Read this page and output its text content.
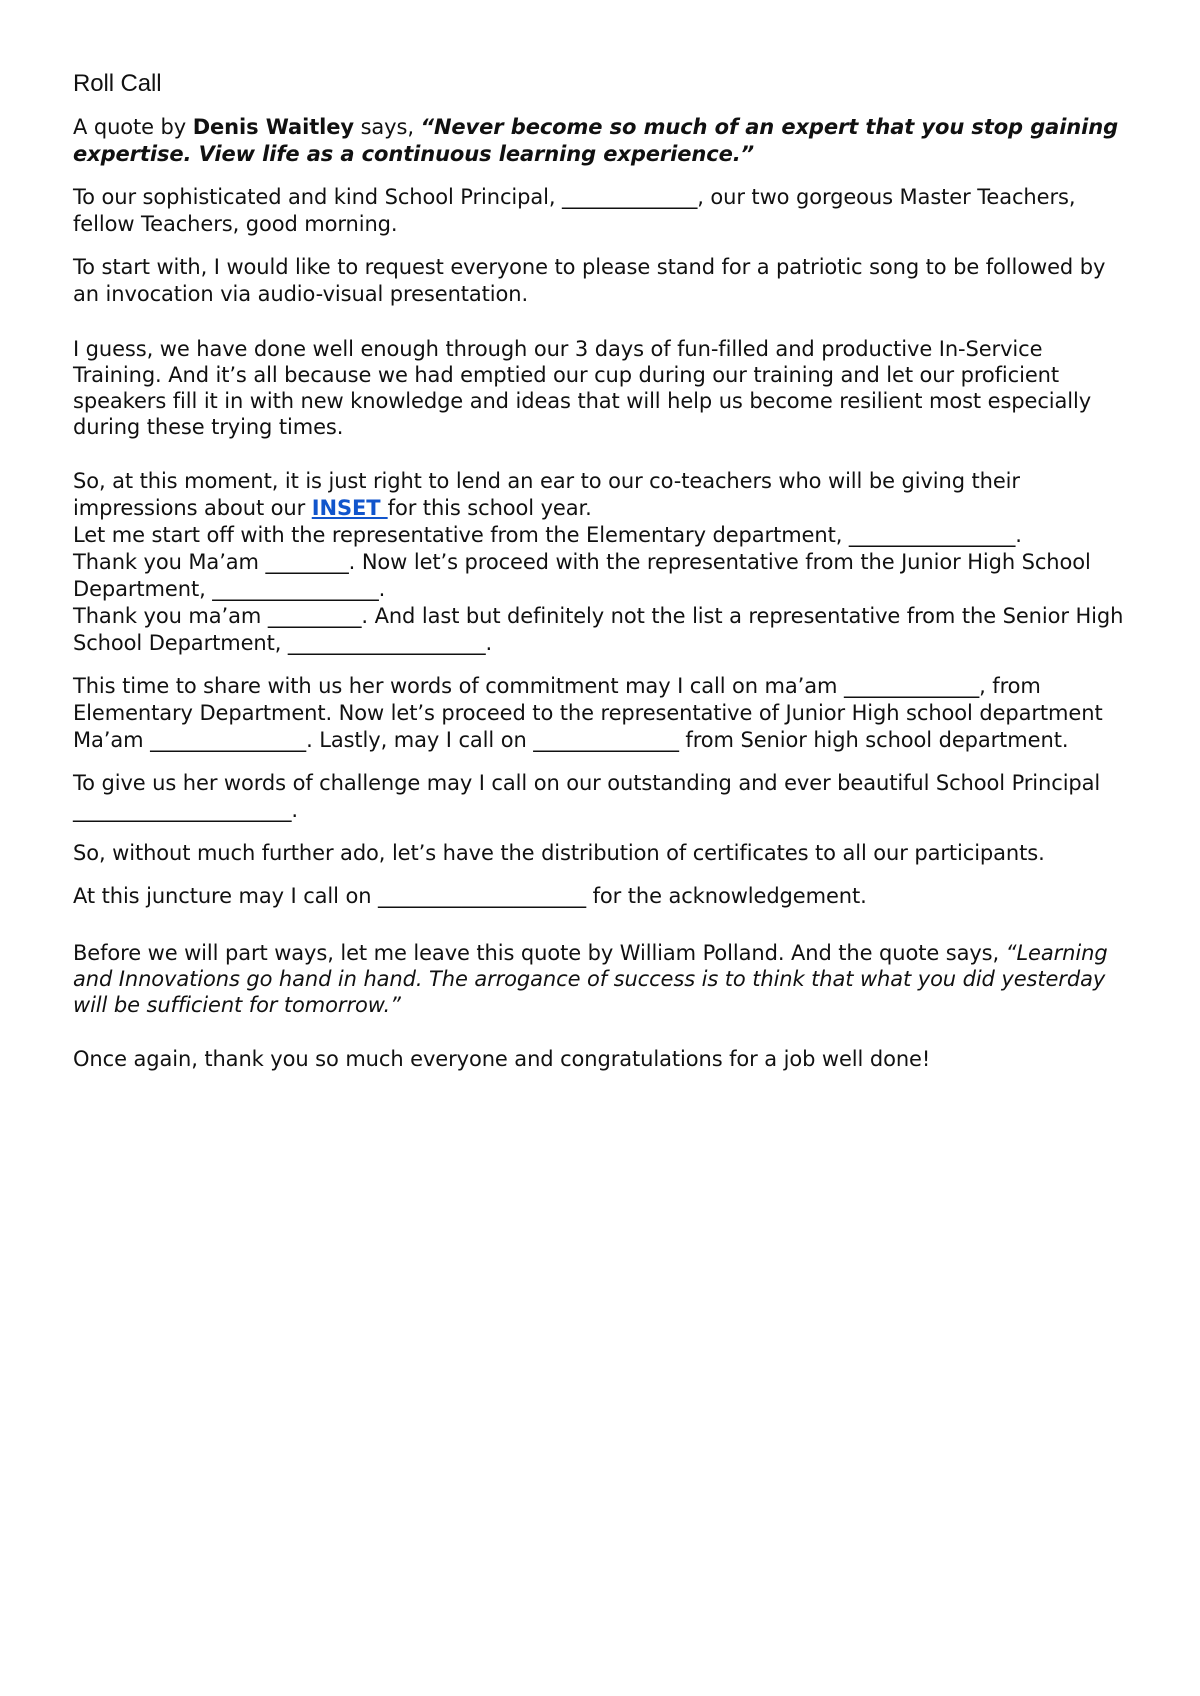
Roll Call

A quote by Denis Waitley says, “Never become so much of an expert that you stop gaining expertise. View life as a continuous learning experience.”

To our sophisticated and kind School Principal, _____________, our two gorgeous Master Teachers, fellow Teachers, good morning.

To start with, I would like to request everyone to please stand for a patriotic song to be followed by an invocation via audio-visual presentation.

I guess, we have done well enough through our 3 days of fun-filled and productive In-Service Training. And it’s all because we had emptied our cup during our training and let our proficient speakers fill it in with new knowledge and ideas that will help us become resilient most especially during these trying times.

So, at this moment, it is just right to lend an ear to our co-teachers who will be giving their impressions about our INSET for this school year.

Let me start off with the representative from the Elementary department, ________________.

Thank you Ma’am ________. Now let’s proceed with the representative from the Junior High School Department, ________________.

Thank you ma’am _________. And last but definitely not the list a representative from the Senior High School Department, ___________________.

This time to share with us her words of commitment may I call on ma’am _____________, from Elementary Department. Now let’s proceed to the representative of Junior High school department Ma’am _______________. Lastly, may I call on ______________ from Senior high school department.

To give us her words of challenge may I call on our outstanding and ever beautiful School Principal _____________________.

So, without much further ado, let’s have the distribution of certificates to all our participants.

At this juncture may I call on ____________________ for the acknowledgement.

Before we will part ways, let me leave this quote by William Polland. And the quote says, “Learning and Innovations go hand in hand. The arrogance of success is to think that what you did yesterday will be sufficient for tomorrow.”

Once again, thank you so much everyone and congratulations for a job well done!
